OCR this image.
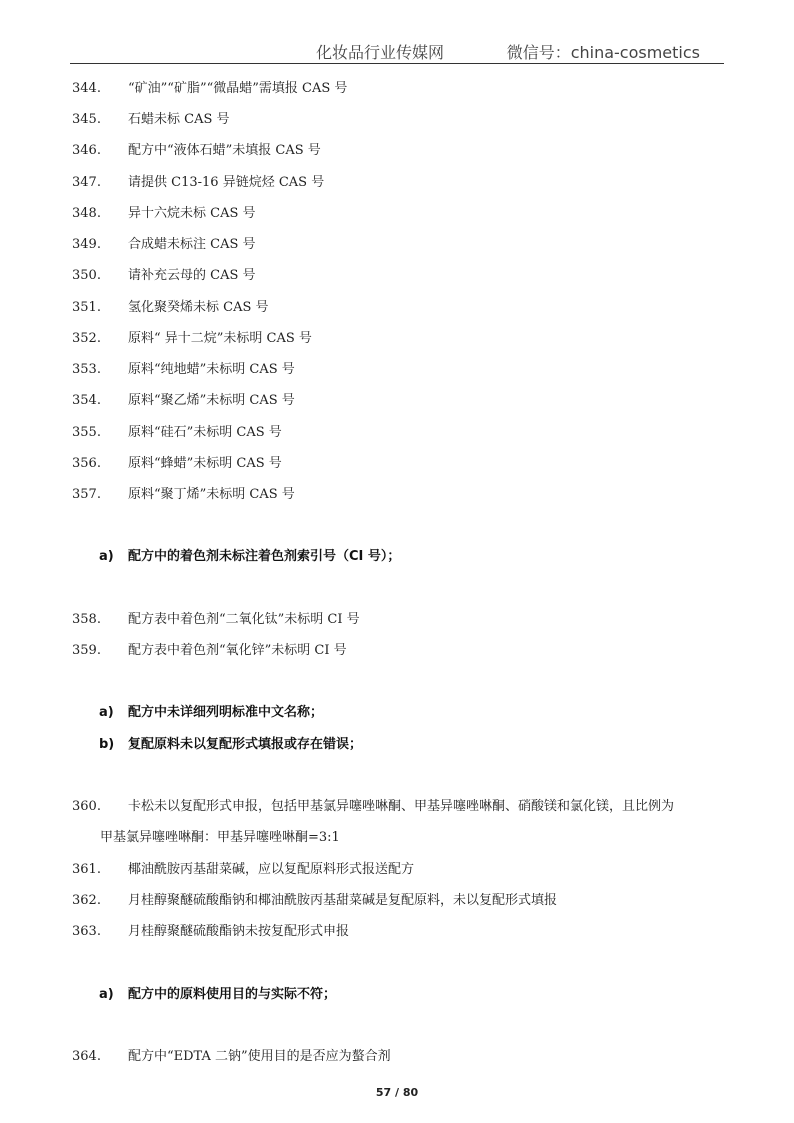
化妆品行业传媒网	微信号：china-cosmetics
344. “矿油”“矿脂”“微晶蜡”需填报 CAS 号
345. 石蜡未标 CAS 号
346. 配方中“液体石蜡”未填报 CAS 号
347. 请提供 C13-16 异链烷烃 CAS 号
348. 异十六烷未标 CAS 号
349. 合成蜡未标注 CAS 号
350. 请补充云母的 CAS 号
351. 氢化聚癸烯未标 CAS 号
352. 原料“ 异十二烷”未标明 CAS 号
353. 原料“纯地蜡”未标明 CAS 号
354. 原料“聚乙烯”未标明 CAS 号
355. 原料“硅石”未标明 CAS 号
356. 原料“蜂蜡”未标明 CAS 号
357. 原料“聚丁烯”未标明 CAS 号
a) 配方中的着色剂未标注着色剂索引号（CI 号）；
358. 配方表中着色剂“二氧化钛”未标明 CI 号
359. 配方表中着色剂“氧化锌”未标明 CI 号
a) 配方中未详细列明标准中文名称；
b) 复配原料未以复配形式填报或存在错误；
360. 卡松未以复配形式申报，包括甲基氯异噻唑啉酮、甲基异噻唑啉酮、硝酸镁和氯化镁，且比例为
甲基氯异噻唑啉酮：甲基异噻唑啉酮=3:1
361. 椰油酰胺丙基甜菜碱，应以复配原料形式报送配方
362. 月桂醇聚醚硫酸酯钠和椰油酰胺丙基甜菜碱是复配原料，未以复配形式填报
363. 月桂醇聚醚硫酸酯钠未按复配形式申报
a) 配方中的原料使用目的与实际不符；
364. 配方中“EDTA 二钠”使用目的是否应为螯合剂
57 / 80
